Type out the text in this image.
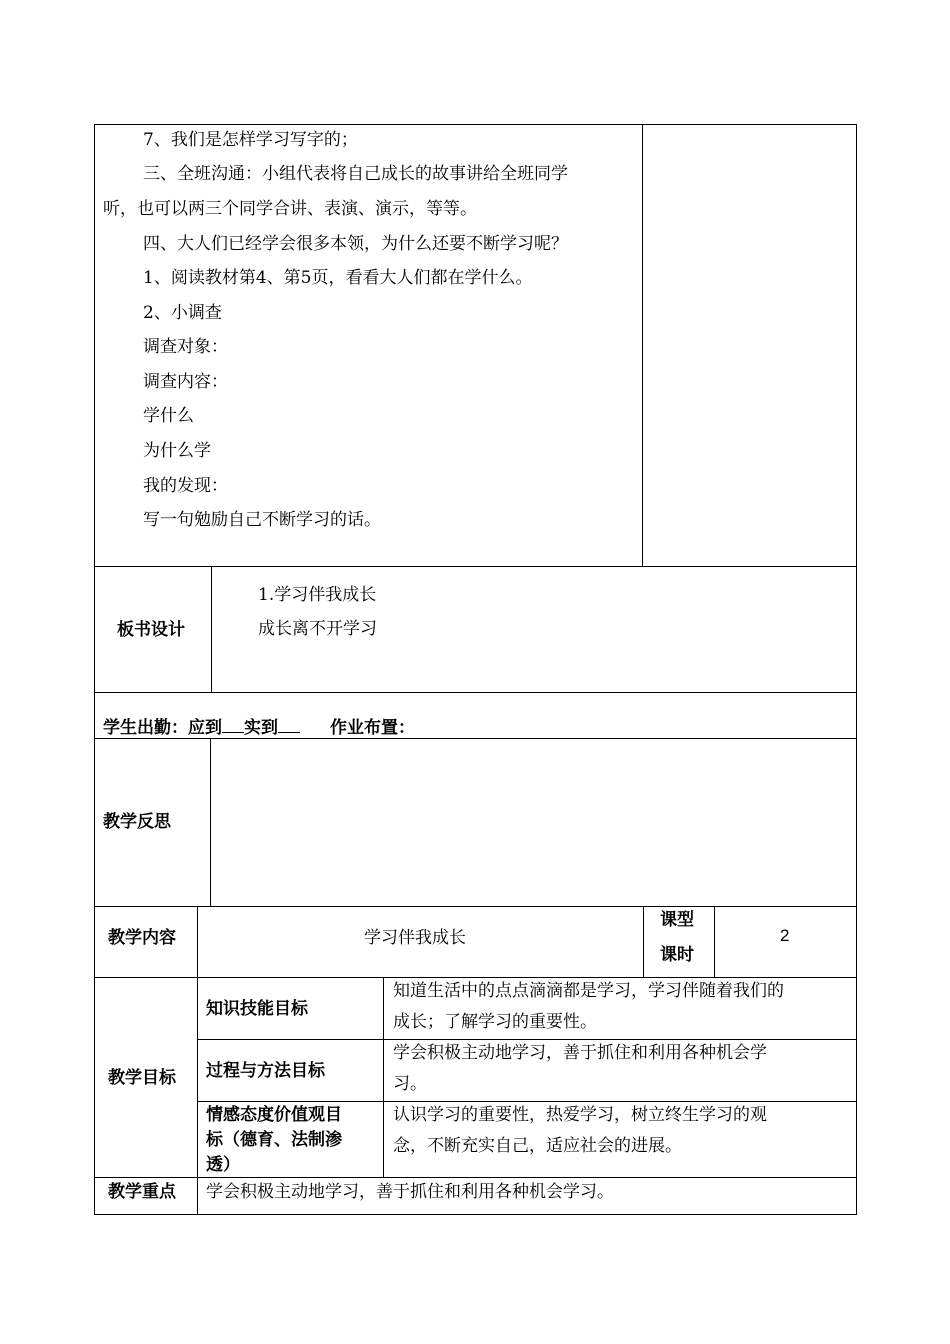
7、我们是怎样学习写字的；
三、全班沟通：小组代表将自己成长的故事讲给全班同学
听，也可以两三个同学合讲、表演、演示，等等。
四、大人们已经学会很多本领，为什么还要不断学习呢？
1、阅读教材第4、第5页，看看大人们都在学什么。
2、小调查
调查对象：
调查内容：
学什么
为什么学
我的发现：
写一句勉励自己不断学习的话。
板书设计
1.学习伴我成长
成长离不开学习
学生出勤：应到 实到	作业布置：
教学反思
教学内容	学习伴我成长
课型
课时
2
教学目标
知识技能目标
知道生活中的点点滴滴都是学习，学习伴随着我们的
成长；了解学习的重要性。
过程与方法目标
学会积极主动地学习，善于抓住和利用各种机会学
习。
情感态度价值观目
标（德育、法制渗
透）
认识学习的重要性，热爱学习，树立终生学习的观
念，不断充实自己，适应社会的进展。
教学重点 学会积极主动地学习，善于抓住和利用各种机会学习。
